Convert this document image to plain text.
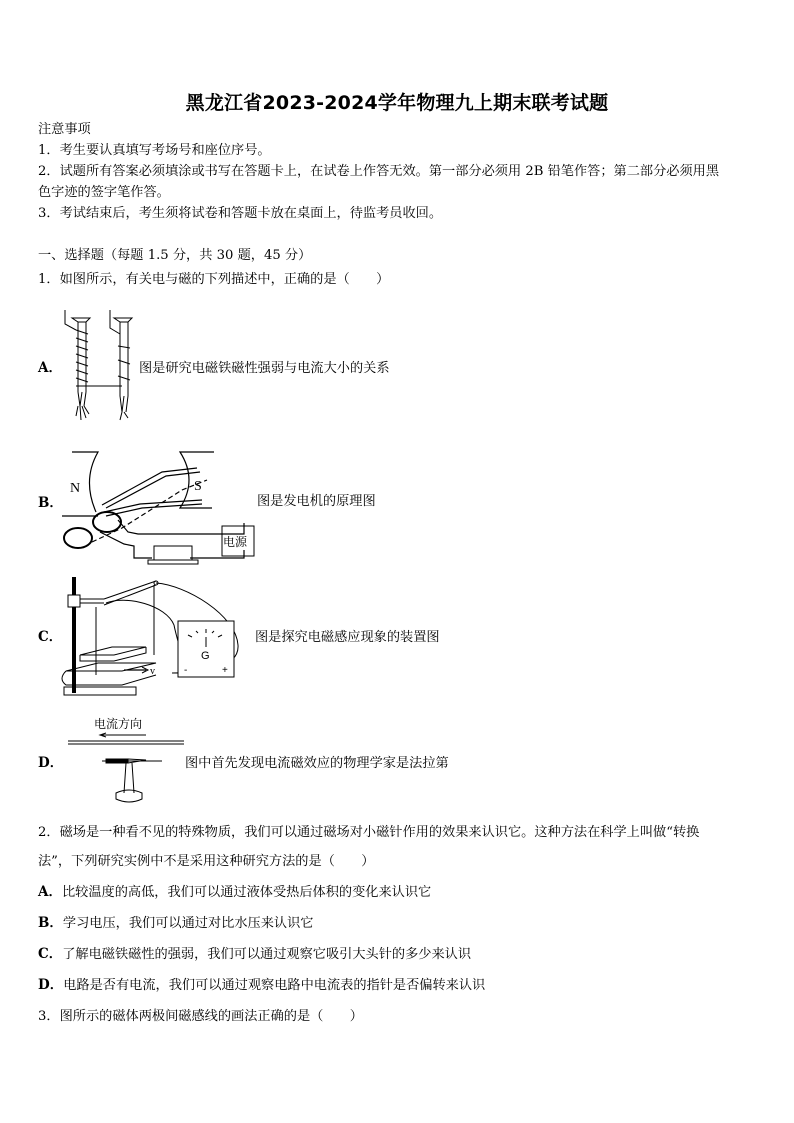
黑龙江省2023-2024学年物理九上期末联考试题
注意事项
1．考生要认真填写考场号和座位序号。
2．试题所有答案必须填涂或书写在答题卡上，在试卷上作答无效。第一部分必须用 2B 铅笔作答；第二部分必须用黑
色字迹的签字笔作答。
3．考试结束后，考生须将试卷和答题卡放在桌面上，待监考员收回。
一、选择题（每题 1.5 分，共 30 题，45 分）
1．如图所示，有关电与磁的下列描述中，正确的是（　　）
A．	图是研究电磁铁磁性强弱与电流大小的关系
B．
N	S
电源
图是发电机的原理图
C．
G
-	+
v
图是探究电磁感应现象的装置图
D．
电流方向
图中首先发现电流磁效应的物理学家是法拉第
2．磁场是一种看不见的特殊物质，我们可以通过磁场对小磁针作用的效果来认识它。这种方法在科学上叫做“转换
法”，下列研究实例中不是采用这种研究方法的是（　　）
A．比较温度的高低，我们可以通过液体受热后体积的变化来认识它
B．学习电压，我们可以通过对比水压来认识它
C．了解电磁铁磁性的强弱，我们可以通过观察它吸引大头针的多少来认识
D．电路是否有电流，我们可以通过观察电路中电流表的指针是否偏转来认识
3．图所示的磁体两极间磁感线的画法正确的是（　　）
